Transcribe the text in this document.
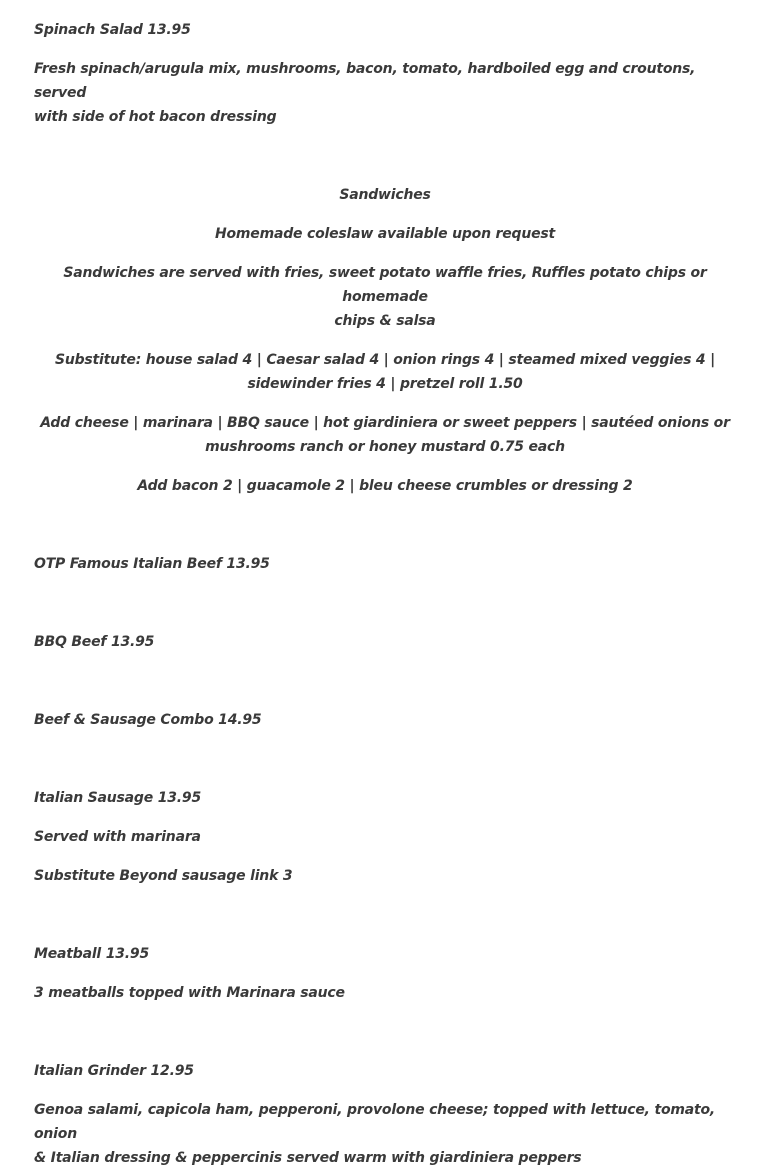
Spinach Salad 13.95

Fresh spinach/arugula mix, mushrooms, bacon, tomato, hardboiled egg and croutons, served

with side of hot bacon dressing

Sandwiches

Homemade coleslaw available upon request

Sandwiches are served with fries, sweet potato waffle fries, Ruffles potato chips or homemade

chips & salsa

Substitute: house salad 4 | Caesar salad 4 | onion rings 4 | steamed mixed veggies 4 |

sidewinder fries 4 | pretzel roll 1.50

Add cheese | marinara | BBQ sauce | hot giardiniera or sweet peppers | sautéed onions or

mushrooms ranch or honey mustard 0.75 each

Add bacon 2 | guacamole 2 | bleu cheese crumbles or dressing 2

OTP Famous Italian Beef 13.95

BBQ Beef 13.95

Beef & Sausage Combo 14.95

Italian Sausage 13.95

Served with marinara

Substitute Beyond sausage link 3

Meatball 13.95

3 meatballs topped with Marinara sauce

Italian Grinder 12.95

Genoa salami, capicola ham, pepperoni, provolone cheese; topped with lettuce, tomato, onion

& Italian dressing & peppercinis served warm with giardiniera peppers
